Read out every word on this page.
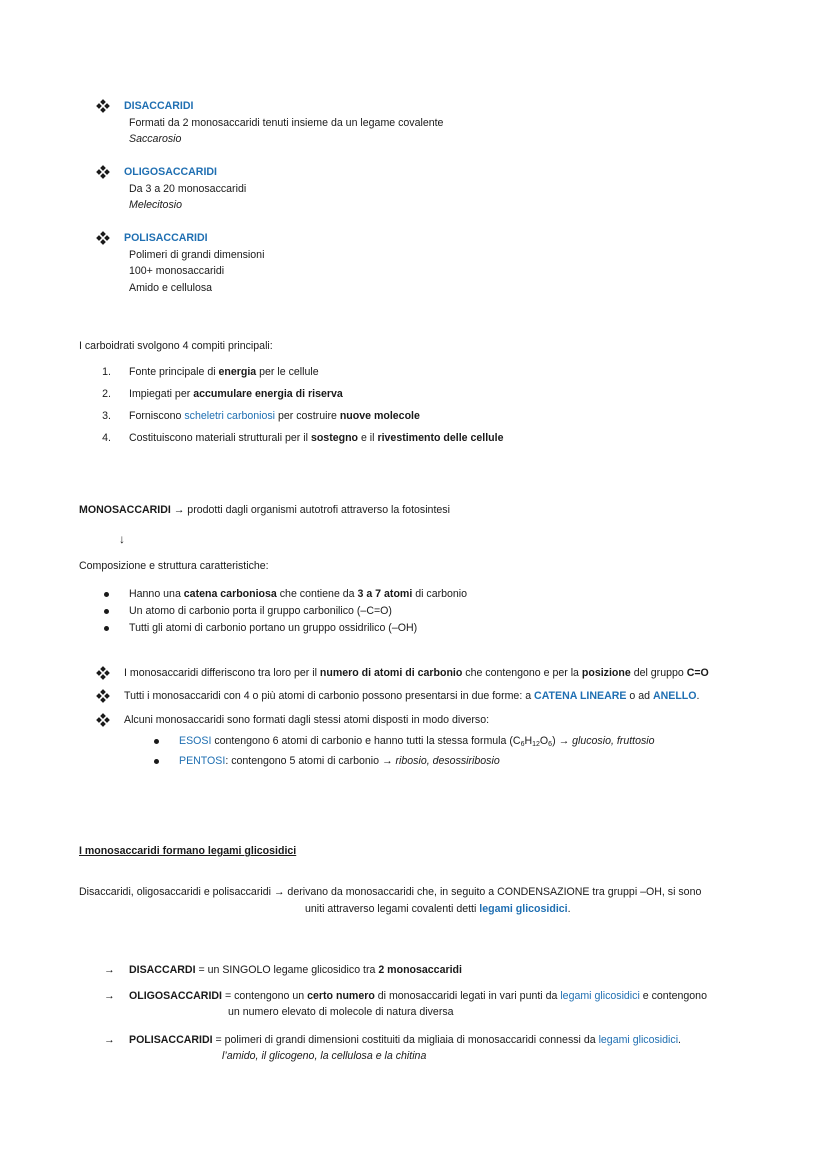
DISACCARIDI
Formati da 2 monosaccaridi tenuti insieme da un legame covalente
Saccarosio
OLIGOSACCARIDI
Da 3 a 20 monosaccaridi
Melecitosio
POLISACCARIDI
Polimeri di grandi dimensioni
100+ monosaccaridi
Amido e cellulosa
I carboidrati svolgono 4 compiti principali:
1. Fonte principale di energia per le cellule
2. Impiegati per accumulare energia di riserva
3. Forniscono scheletri carboniosi per costruire nuove molecole
4. Costituiscono materiali strutturali per il sostegno e il rivestimento delle cellule
MONOSACCARIDI → prodotti dagli organismi autotrofi attraverso la fotosintesi
↓
Composizione e struttura caratteristiche:
Hanno una catena carboniosa che contiene da 3 a 7 atomi di carbonio
Un atomo di carbonio porta il gruppo carbonilico (–C=O)
Tutti gli atomi di carbonio portano un gruppo ossidrilico (–OH)
I monosaccaridi differiscono tra loro per il numero di atomi di carbonio che contengono e per la posizione del gruppo C=O
Tutti i monosaccaridi con 4 o più atomi di carbonio possono presentarsi in due forme: a CATENA LINEARE o ad ANELLO.
Alcuni monosaccaridi sono formati dagli stessi atomi disposti in modo diverso:
ESOSI contengono 6 atomi di carbonio e hanno tutti la stessa formula $(C_6H_{12}O_6)$ → glucosio, fruttosio
PENTOSI: contengono 5 atomi di carbonio → ribosio, desossiribosio
I monosaccaridi formano legami glicosidici
Disaccaridi, oligosaccaridi e polisaccaridi → derivano da monosaccaridi che, in seguito a CONDENSAZIONE tra gruppi –OH, si sono
uniti attraverso legami covalenti detti legami glicosidici.
→ DISACCARDI = un SINGOLO legame glicosidico tra 2 monosaccaridi
→ OLIGOSACCARIDI = contengono un certo numero di monosaccaridi legati in vari punti da legami glicosidici e contengono
un numero elevato di molecole di natura diversa
→ POLISACCARIDI = polimeri di grandi dimensioni costituiti da migliaia di monosaccaridi connessi da legami glicosidici.
l’amido, il glicogeno, la cellulosa e la chitina
